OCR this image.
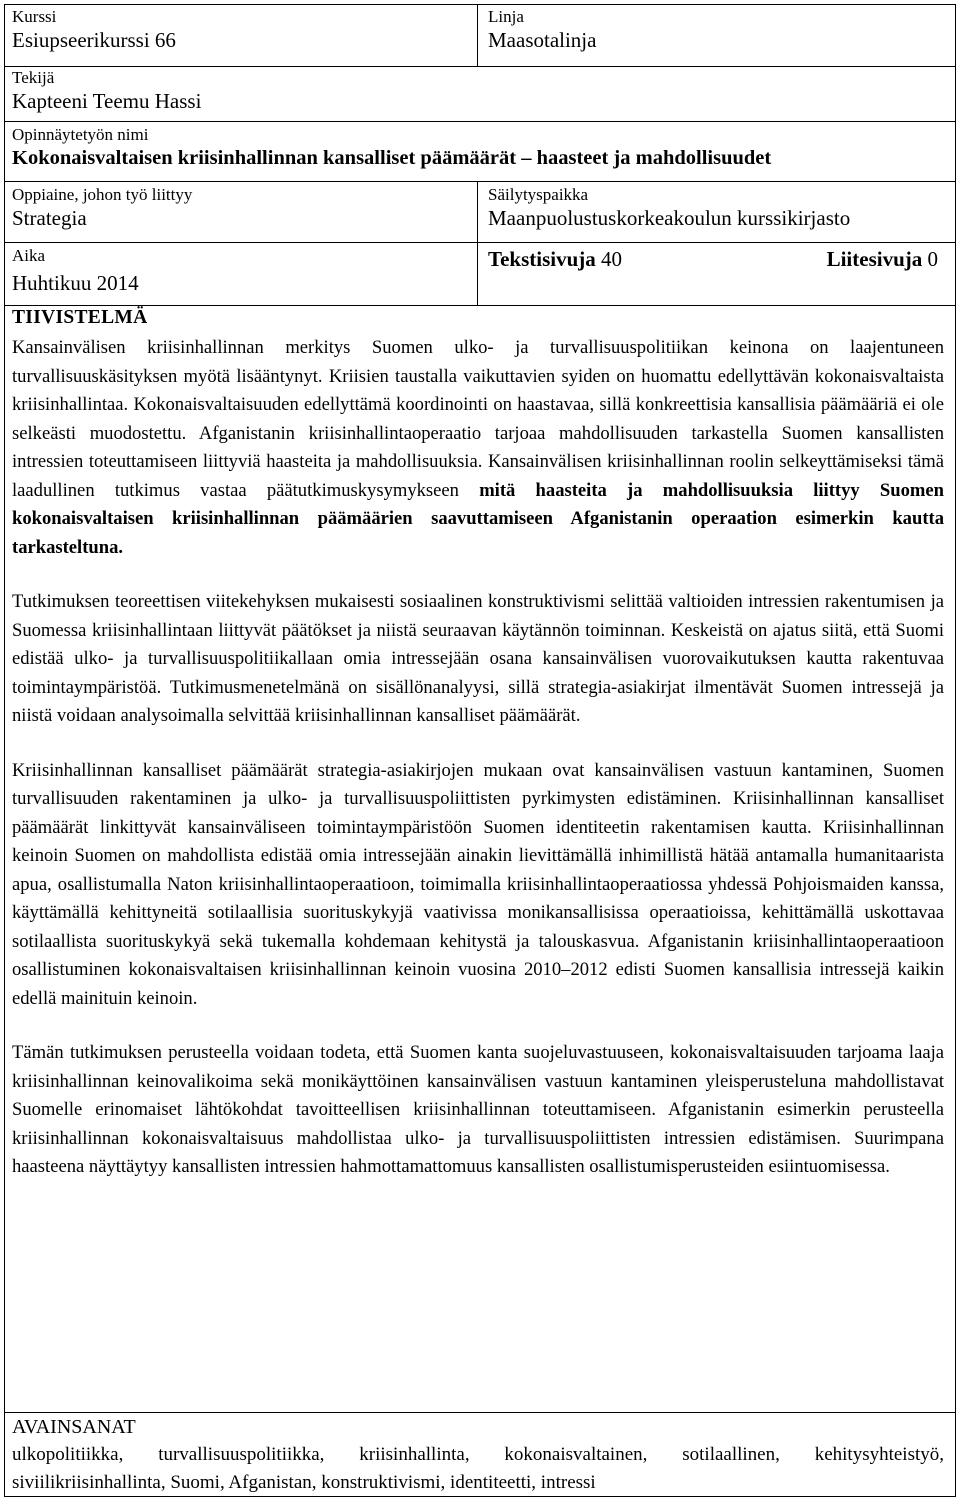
Kurssi
Esiupseerikurssi 66
Linja
Maasotalinja
Tekijä
Kapteeni Teemu Hassi
Opinnäytetyön nimi
Kokonaisvaltaisen kriisinhallinnan kansalliset päämäärät – haasteet ja mahdollisuudet
Oppiaine, johon työ liittyy
Strategia
Säilytyspaikka
Maanpuolustuskorkeakoulun kurssikirjasto
Aika
Huhtikuu 2014
Tekstisivuja 40	Liitesivuja 0
TIIVISTELMÄ

Kansainvälisen kriisinhallinnan merkitys Suomen ulko- ja turvallisuuspolitiikan keinona on laajentuneen turvallisuuskäsityksen myötä lisääntynyt. Kriisien taustalla vaikuttavien syiden on huomattu edellyttävän kokonaisvaltaista kriisinhallintaa. Kokonaisvaltaisuuden edellyttämä koordinointi on haastavaa, sillä konkreettisia kansallisia päämääriä ei ole selkeästi muodostettu. Afganistanin kriisinhallintaoperaatio tarjoaa mahdollisuuden tarkastella Suomen kansallisten intressien toteuttamiseen liittyviä haasteita ja mahdollisuuksia. Kansainvälisen kriisinhallinnan roolin selkeyttämiseksi tämä laadullinen tutkimus vastaa päätutkimuskysymykseen mitä haasteita ja mahdollisuuksia liittyy Suomen kokonaisvaltaisen kriisinhallinnan päämäärien saavuttamiseen Afganistanin operaation esimerkin kautta tarkasteltuna.

Tutkimuksen teoreettisen viitekehyksen mukaisesti sosiaalinen konstruktivismi selittää valtioiden intressien rakentumisen ja Suomessa kriisinhallintaan liittyvät päätökset ja niistä seuraavan käytännön toiminnan. Keskeistä on ajatus siitä, että Suomi edistää ulko- ja turvallisuuspolitiikallaan omia intressejään osana kansainvälisen vuorovaikutuksen kautta rakentuvaa toimintaympäristöä. Tutkimusmenetelmänä on sisällönanalyysi, sillä strategia-asiakirjat ilmentävät Suomen intressejä ja niistä voidaan analysoimalla selvittää kriisinhallinnan kansalliset päämäärät.

Kriisinhallinnan kansalliset päämäärät strategia-asiakirjojen mukaan ovat kansainvälisen vastuun kantaminen, Suomen turvallisuuden rakentaminen ja ulko- ja turvallisuuspoliittisten pyrkimysten edistäminen. Kriisinhallinnan kansalliset päämäärät linkittyvät kansainväliseen toimintaympäristöön Suomen identiteetin rakentamisen kautta. Kriisinhallinnan keinoin Suomen on mahdollista edistää omia intressejään ainakin lievittämällä inhimillistä hätää antamalla humanitaarista apua, osallistumalla Naton kriisinhallintaoperaatioon, toimimalla kriisinhallintaoperaatiossa yhdessä Pohjoismaiden kanssa, käyttämällä kehittyneitä sotilaallisia suorituskykyjä vaativissa monikansallisissa operaatioissa, kehittämällä uskottavaa sotilaallista suorituskykyä sekä tukemalla kohdemaan kehitystä ja talouskasvua. Afganistanin kriisinhallintaoperaatioon osallistuminen kokonaisvaltaisen kriisinhallinnan keinoin vuosina 2010–2012 edisti Suomen kansallisia intressejä kaikin edellä mainituin keinoin.

Tämän tutkimuksen perusteella voidaan todeta, että Suomen kanta suojeluvastuuseen, kokonaisvaltaisuuden tarjoama laaja kriisinhallinnan keinovalikoima sekä monikäyttöinen kansainvälisen vastuun kantaminen yleisperusteluna mahdollistavat Suomelle erinomaiset lähtökohdat tavoitteellisen kriisinhallinnan toteuttamiseen. Afganistanin esimerkin perusteella kriisinhallinnan kokonaisvaltaisuus mahdollistaa ulko- ja turvallisuuspoliittisten intressien edistämisen. Suurimpana haasteena näyttäytyy kansallisten intressien hahmottamattomuus kansallisten osallistumisperusteiden esiintuomisessa.

AVAINSANAT

ulkopolitiikka, turvallisuuspolitiikka, kriisinhallinta, kokonaisvaltainen, sotilaallinen, kehitysyhteistyö, siviilikriisinhallinta, Suomi, Afganistan, konstruktivismi, identiteetti, intressi
